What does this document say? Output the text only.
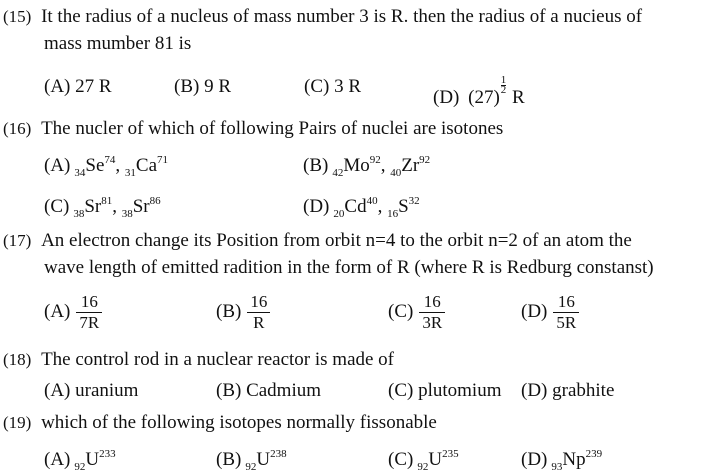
(15) It the radius of a nucleus of mass number 3 is R. then the radius of a nucieus of
mass mumber 81 is
(A) 27 R	(B) 9 R	(C) 3 R
(D) (27)
$\frac{1}{2}$
R
(16) The nucler of which of following Pairs of nuclei are isotones
(A) $_{34}Se^{74}$, $_{31}Ca^{71}$	(B) $_{42}Mo^{92}$, $_{40}Zr^{92}$
(C) $_{38}Sr^{81}$, $_{38}Sr^{86}$	(D) $_{20}Cd^{40}$, $_{16}S^{32}$
(17) An electron change its Position from orbit n=4 to the orbit n=2 of an atom the
wave length of emitted radition in the form of R (where R is Redburg constanst)
$(A) \frac{16}{7R}$	$(B) \frac{16}{R}$	$(C) \frac{16}{3R}$	$(D) \frac{16}{5R}$
(18) The control rod in a nuclear reactor is made of
(A) uranium	(B) Cadmium	(C) plutomium (D) grabhite
(19) which of the following isotopes normally fissonable
(A) $_{92}U^{233}$	(B) $_{92}U^{238}$	(C) $_{92}U^{235}$	(D) $_{93}Np^{239}$
